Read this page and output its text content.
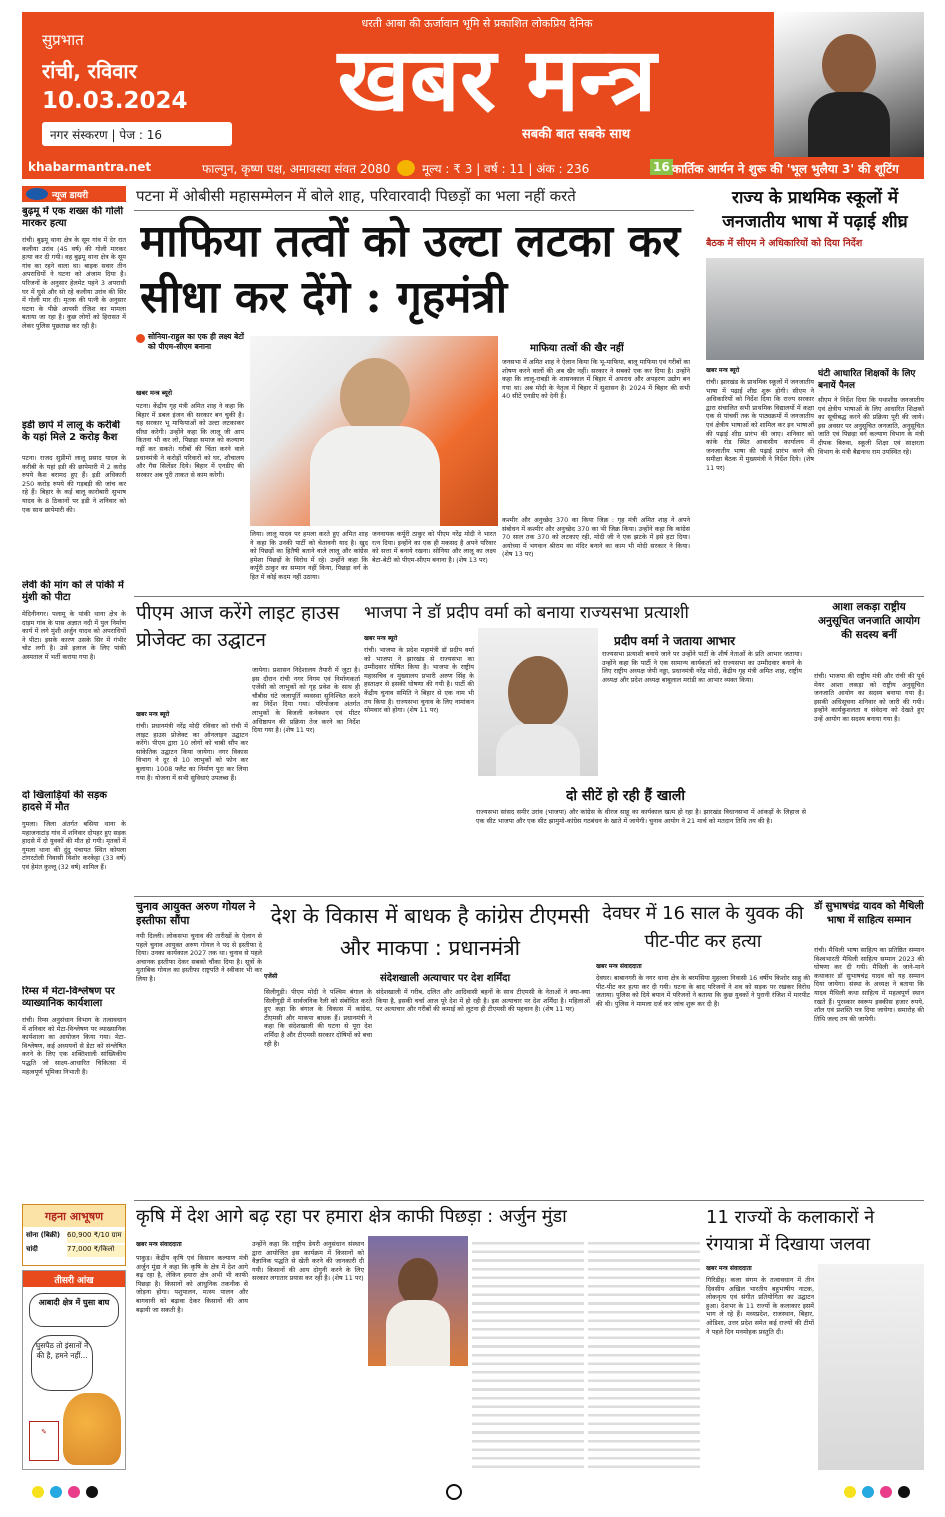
धरती आबा की ऊर्जावान भूमि से प्रकाशित लोकप्रिय दैनिक
सुप्रभात
रांची, रविवार
10.03.2024
नगर संस्करण | पेज : 16
खबर मन्त्र
सबकी बात सबके साथ
khabarmantra.net	फाल्गुन, कृष्ण पक्ष, अमावस्या संवत 2080	मूल्य : ₹ 3 | वर्ष : 11 | अंक : 236	16 कार्तिक आर्यन ने शुरू की 'भूल भुलैया 3' की शूटिंग
न्यूज डायरी
बुढ़मू में एक शख्स की गोली मारकर हत्या
रांची। बुढ़मू थाना क्षेत्र के सूम गांव में देर रात कलीया उरांव (45 वर्ष) की गोली मारकर हत्या कर दी गयी। वह बुढ़मू थाना क्षेत्र के सूम गांव का रहने वाला था। बाइक सवार तीन अपराधियों ने घटना को अंजाम दिया है। परिजनों के अनुसार हेलमेट पहने 3 अपराधी घर में घुसे और सो रहे कलीया उरांव की सिर में गोली मार दी। मृतक की पत्नी के अनुसार घटना के पीछे आपसी रंजिश का मामला बताया जा रहा है। कुछ लोगों को हिरासत में लेकर पुलिस पूछताछ कर रही है।
इडी छापे में लालू के करीबी के यहां मिले 2 करोड़ कैश
पटना। राजद सुप्रीमो लालू प्रसाद यादव के करीबी के यहां इडी की छापेमारी में 2 करोड़ रुपये कैश बरामद हुए हैं। इडी अधिकारी 250 करोड़ रुपये की गड़बड़ी की जांच कर रहे हैं। बिहार के कई बालू कारोबारी सुभाष यादव के 8 ठिकानों पर इडी ने शनिवार को एक साथ छापेमारी की।
लेवी की मांग को ले पांकी में मुंशी को पीटा
मेदिनीनगर। पलामू के पांकी थाना क्षेत्र के दाड़म गांव के पास अज्ञात नदी में पुल निर्माण कार्य में लगे मुंशी अर्जुन यादव को अपराधियों ने पीटा। इसके कारण उसके सिर में गंभीर चोट लगी है। उसे इलाज के लिए पांकी अस्पताल में भर्ती कराया गया है।
दो खिलाड़ियों की सड़क हादसे में मौत
गुमला। जिला अंतर्गत बसिया थाना के महाजनाटांड़ गांव में शनिवार दोपहर हुए सड़क हादसे में दो युवकों की मौत हो गयी। मृतकों में गुमला थाना की दुंदु पंचायत स्थित कोयला टांगरटोली निवासी विशोर करकेट्टा (33 वर्ष) एवं हेमंत कुल्लू (32 वर्ष) शामिल हैं।
रिम्स में मेटा-विश्लेषण पर व्याख्यानिक कार्यशाला
रांची। रिम्स अनुसंधान विभाग के तत्वावधान में शनिवार को मेटा-विश्लेषण पर व्याख्यानिक कार्यशाला का आयोजन किया गया। मेटा-विश्लेषण, कई अध्ययनों से डेटा को संश्लेषित करने के लिए एक शक्तिशाली सांख्यिकीय पद्धति जो साक्ष्य-आधारित चिकित्सा में महत्वपूर्ण भूमिका निभाती है।
गहना आभूषण
सोना (बिक्री) 60,900 ₹/10 ग्राम
चांदी	77,000 ₹/किलो
तीसरी आंख
आबादी क्षेत्र में घुसा बाघ
घुसपैठ तो इंसानों ने की है, हमने नहीं...
✎
पटना में ओबीसी महासम्मेलन में बोले शाह, परिवारवादी पिछड़ों का भला नहीं करते
माफिया तत्वों को उल्टा लटका कर सीधा कर देंगे : गृहमंत्री
सोनिया-राहुल का एक ही लक्ष्य बेटों को पीएम-सीएम बनाना
खबर मन्त्र ब्यूरो
पटना। केंद्रीय गृह मंत्री अमित शाह ने कहा कि बिहार में डबल इंजन की सरकार बन चुकी है। यह सरकार भू माफियाओं को उल्टा लटकाकर सीधा करेगी। उन्होंने कहा कि लालू जी आप कितना भी कर लो, पिछड़ा समाज को कल्याण नहीं कर सकते। गरीबों की चिंता करने वाले प्रधानमंत्री ने करोड़ों परिवारों को घर, शौचालय और गैस सिलेंडर दिये। बिहार में एनडीए की सरकार अब पूरी ताकत से काम करेगी।
लिया। लालू यादव पर हमला करते हुए अमित शाह ने कहा कि उनकी पार्टी को चेतावनी याद है। खुद को पिछड़ों का हितैषी बताने वाले लालू और कांग्रेस हमेशा पिछड़ों के विरोध में रहे। उन्होंने कहा कि कर्पूरी ठाकुर का सम्मान नहीं किया, पिछड़ा वर्ग के हित में कोई कदम नहीं उठाया।
जननायक कर्पूरी ठाकुर को पीएम नरेंद्र मोदी ने भारत रत्न दिया। इन्होंने का एक ही मकसद है अपने परिवार को सत्ता में बनाये रखना। सोनिया और लालू का लक्ष्य बेटा-बेटी को पीएम-सीएम बनाना है। (शेष 13 पर)
माफिया तत्वों की खैर नहीं
जनसभा में अमित शाह ने ऐलान किया कि भू-माफिया, बालू माफिया एवं गरीबों का शोषण करने वालों की अब खैर नहीं। सरकार ने सबको एक कर दिया है। उन्होंने कहा कि लालू-राबड़ी के शासनकाल में बिहार में अपराध और अपहरण उद्योग बन गया था। अब मोदी के नेतृत्व में बिहार में सुशासन है। 2024 में बिहार की सभी 40 सीटें एनडीए को देनी हैं।
कश्मीर और अनुच्छेद 370 का किया जिक्र : गृह मंत्री अमित शाह ने अपने संबोधन में कश्मीर और अनुच्छेद 370 का भी जिक्र किया। उन्होंने कहा कि कांग्रेस 70 साल तक 370 को लटकाए रही, मोदी जी ने एक झटके में इसे हटा दिया। अयोध्या में भगवान श्रीराम का मंदिर बनाने का काम भी मोदी सरकार ने किया। (शेष 13 पर)
राज्य के प्राथमिक स्कूलों में जनजातीय भाषा में पढ़ाई शीघ्र
बैठक में सीएम ने अधिकारियों को दिया निर्देश
खबर मन्त्र ब्यूरो
रांची। झारखंड के प्राथमिक स्कूलों में जनजातीय भाषा में पढ़ाई शीघ्र शुरू होगी। सीएम ने अधिकारियों को निर्देश दिया कि राज्य सरकार द्वारा संचालित सभी प्राथमिक विद्यालयों में कक्षा एक से पांचवीं तक के पाठ्यक्रमों में जनजातीय एवं क्षेत्रीय भाषाओं को शामिल कर इन भाषाओं की पढ़ाई शीघ्र प्रारंभ की जाए। शनिवार को कांके रोड स्थित आवासीय कार्यालय में जनजातीय भाषा की पढ़ाई प्रारंभ करने की समीक्षा बैठक में मुख्यमंत्री ने निर्देश दिये। (शेष 11 पर)
घंटी आधारित शिक्षकों के लिए बनायें पैनल
सीएम ने निर्देश दिया कि यथाशीघ्र जनजातीय एवं क्षेत्रीय भाषाओं के लिए आधारित शिक्षकों का सूचीबद्ध करने की प्रक्रिया पूरी की जाये। इस अवसर पर अनुसूचित जनजाति, अनुसूचित जाति एवं पिछड़ा वर्ग कल्याण विभाग के मंत्री दीपक बिरुवा, स्कूली शिक्षा एवं साक्षरता विभाग के मंत्री बैद्यनाथ राम उपस्थित रहे।
पीएम आज करेंगे लाइट हाउस प्रोजेक्ट का उद्घाटन
खबर मन्त्र ब्यूरो
रांची। प्रधानमंत्री नरेंद्र मोदी रविवार को रांची में लाइट हाउस प्रोजेक्ट का ऑनलाइन उद्घाटन करेंगे। पीएम द्वारा 10 लोगों को चाबी सौंप कर सांकेतिक उद्घाटन किया जायेगा। नगर विकास विभाग ने दूर से 10 लाभुकों को फोन कर बुलाया। 1008 फ्लैट का निर्माण पूरा कर लिया गया है। योजना में सभी सुविधाएं उपलब्ध हैं।
जायेगा। प्रशासन निदेशालय तैयारी में जुटा है। इस दौरान रांची नगर निगम एवं निर्माणकर्ता एजेंसी को लाभुकों को गृह प्रवेश के साथ ही चौबीस घंटे जलापूर्ति व्यवस्था सुनिश्चित करने का निर्देश दिया गया। परियोजना अंतर्गत लाभुकों के बिजली कनेक्शन एवं मीटर अधिष्ठापन की प्रक्रिया तेज करने का निर्देश दिया गया है। (शेष 11 पर)
भाजपा ने डॉ प्रदीप वर्मा को बनाया राज्यसभा प्रत्याशी
खबर मन्त्र ब्यूरो
रांची। भाजपा के प्रदेश महामंत्री डॉ प्रदीप वर्मा को भाजपा ने झारखंड से राज्यसभा का उम्मीदवार घोषित किया है। भाजपा के राष्ट्रीय महासचिव व मुख्यालय प्रभारी अरुण सिंह के हस्ताक्षर से इसकी घोषणा की गयी है। पार्टी की केंद्रीय चुनाव समिति ने बिहार से एक नाम भी तय किया है। राज्यसभा चुनाव के लिए नामांकन सोमवार को होगा। (शेष 11 पर)
प्रदीप वर्मा ने जताया आभार
राज्यसभा प्रत्याशी बनाये जाने पर उन्होंने पार्टी के शीर्ष नेताओं के प्रति आभार जताया। उन्होंने कहा कि पार्टी ने एक सामान्य कार्यकर्ता को राज्यसभा का उम्मीदवार बनाने के लिए राष्ट्रीय अध्यक्ष जेपी नड्डा, प्रधानमंत्री नरेंद्र मोदी, केंद्रीय गृह मंत्री अमित शाह, राष्ट्रीय अध्यक्ष और प्रदेश अध्यक्ष बाबूलाल मरांडी का आभार व्यक्त किया।
दो सीटें हो रही हैं खाली
राज्यसभा सांसद समीर उरांव (भाजपा) और कांग्रेस के धीरज साहू का कार्यकाल खत्म हो रहा है। झारखंड विधानसभा में आंकड़ों के लिहाज से एक सीट भाजपा और एक सीट झामुमो-कांग्रेस गठबंधन के खाते में जायेगी। चुनाव आयोग ने 21 मार्च को मतदान तिथि तय की है।
आशा लकड़ा राष्ट्रीय अनुसूचित जनजाति आयोग की सदस्य बनीं
रांची। भाजपा की राष्ट्रीय मंत्री और रांची की पूर्व मेयर आशा लकड़ा को राष्ट्रीय अनुसूचित जनजाति आयोग का सदस्य बनाया गया है। इसकी अधिसूचना शनिवार को जारी की गयी। इन्होंने कार्यकुशलता व संवेदना को देखते हुए उन्हें आयोग का सदस्य बनाया गया है।
चुनाव आयुक्त अरुण गोयल ने इस्तीफा सौंपा
नयी दिल्ली। लोकसभा चुनाव की तारीखों के ऐलान से पहले चुनाव आयुक्त अरुण गोयल ने पद से इस्तीफा दे दिया। उनका कार्यकाल 2027 तक था। चुनाव से पहले अचानक इस्तीफा देकर सबको चौंका दिया है। सूत्रों के मुताबिक गोयल का इस्तीफा राष्ट्रपति ने स्वीकार भी कर लिया है।
देश के विकास में बाधक है कांग्रेस टीएमसी और माकपा : प्रधानमंत्री
संदेशखाली अत्याचार पर देश शर्मिंदा
एजेंसी
सिलीगुड़ी। पीएम मोदी ने पश्चिम बंगाल के सिलीगुड़ी में सार्वजनिक रैली को संबोधित करते हुए कहा कि बंगाल के विकास में कांग्रेस, टीएमसी और माकपा बाधक हैं। प्रधानमंत्री ने कहा कि संदेशखाली की घटना से पूरा देश शर्मिंदा है और टीएमसी सरकार दोषियों को बचा रही है।
संदेशखाली में गरीब, दलित और आदिवासी बहनों के साथ टीएमसी के नेताओं ने क्या-क्या किया है, इसकी चर्चा आज पूरे देश में हो रही है। इस अत्याचार पर देश शर्मिंदा है। महिलाओं पर अत्याचार और गरीबों की कमाई को लूटना ही टीएमसी की पहचान है। (शेष 11 पर)
देवघर में 16 साल के युवक की पीट-पीट कर हत्या
खबर मन्त्र संवाददाता
देवघर। बाबानगरी के नगर थाना क्षेत्र के बरमसिया मुहल्ला निवासी 16 वर्षीय किशोर साहु की पीट-पीट कर हत्या कर दी गयी। घटना के बाद परिजनों ने शव को सड़क पर रखकर विरोध जताया। पुलिस को दिये बयान में परिजनों ने बताया कि कुछ युवकों ने पुरानी रंजिश में मारपीट की थी। पुलिस ने मामला दर्ज कर जांच शुरू कर दी है।
डॉ सुभाषचंद्र यादव को मैथिली भाषा में साहित्य सम्मान
रांची। मैथिली भाषा साहित्य का प्रतिष्ठित सम्मान विश्वभारती मैथिली साहित्य सम्मान 2023 की घोषणा कर दी गयी। मैथिली के जाने-माने कथाकार डॉ सुभाषचंद्र यादव को यह सम्मान दिया जायेगा। संस्था के अध्यक्ष ने बताया कि यादव मैथिली कथा साहित्य में महत्वपूर्ण स्थान रखते हैं। पुरस्कार स्वरूप इक्कीस हजार रुपये, शॉल एवं प्रशस्ति पत्र दिया जायेगा। समारोह की तिथि जल्द तय की जायेगी।
कृषि में देश आगे बढ़ रहा पर हमारा क्षेत्र काफी पिछड़ा : अर्जुन मुंडा
खबर मन्त्र संवाददाता
पाकुड़। केंद्रीय कृषि एवं किसान कल्याण मंत्री अर्जुन मुंडा ने कहा कि कृषि के क्षेत्र में देश आगे बढ़ रहा है, लेकिन हमारा क्षेत्र अभी भी काफी पिछड़ा है। किसानों को आधुनिक तकनीक से जोड़ना होगा। पशुपालन, मत्स्य पालन और बागवानी को बढ़ावा देकर किसानों की आय बढ़ायी जा सकती है।
उन्होंने कहा कि राष्ट्रीय डेयरी अनुसंधान संस्थान द्वारा आयोजित इस कार्यक्रम में किसानों को वैज्ञानिक पद्धति से खेती करने की जानकारी दी गयी। किसानों की आय दोगुनी करने के लिए सरकार लगातार प्रयास कर रही है। (शेष 11 पर)
11 राज्यों के कलाकारों ने रंगयात्रा में दिखाया जलवा
खबर मन्त्र संवाददाता
गिरिडीह। कला संगम के तत्वावधान में तीन दिवसीय अखिल भारतीय बहुभाषीय नाटक, लोकनृत्य एवं संगीत प्रतियोगिता का उद्घाटन हुआ। देशभर के 11 राज्यों के कलाकार इसमें भाग ले रहे हैं। मध्यप्रदेश, राजस्थान, बिहार, ओडिशा, उत्तर प्रदेश समेत कई राज्यों की टीमों ने पहले दिन मनमोहक प्रस्तुति दी।
